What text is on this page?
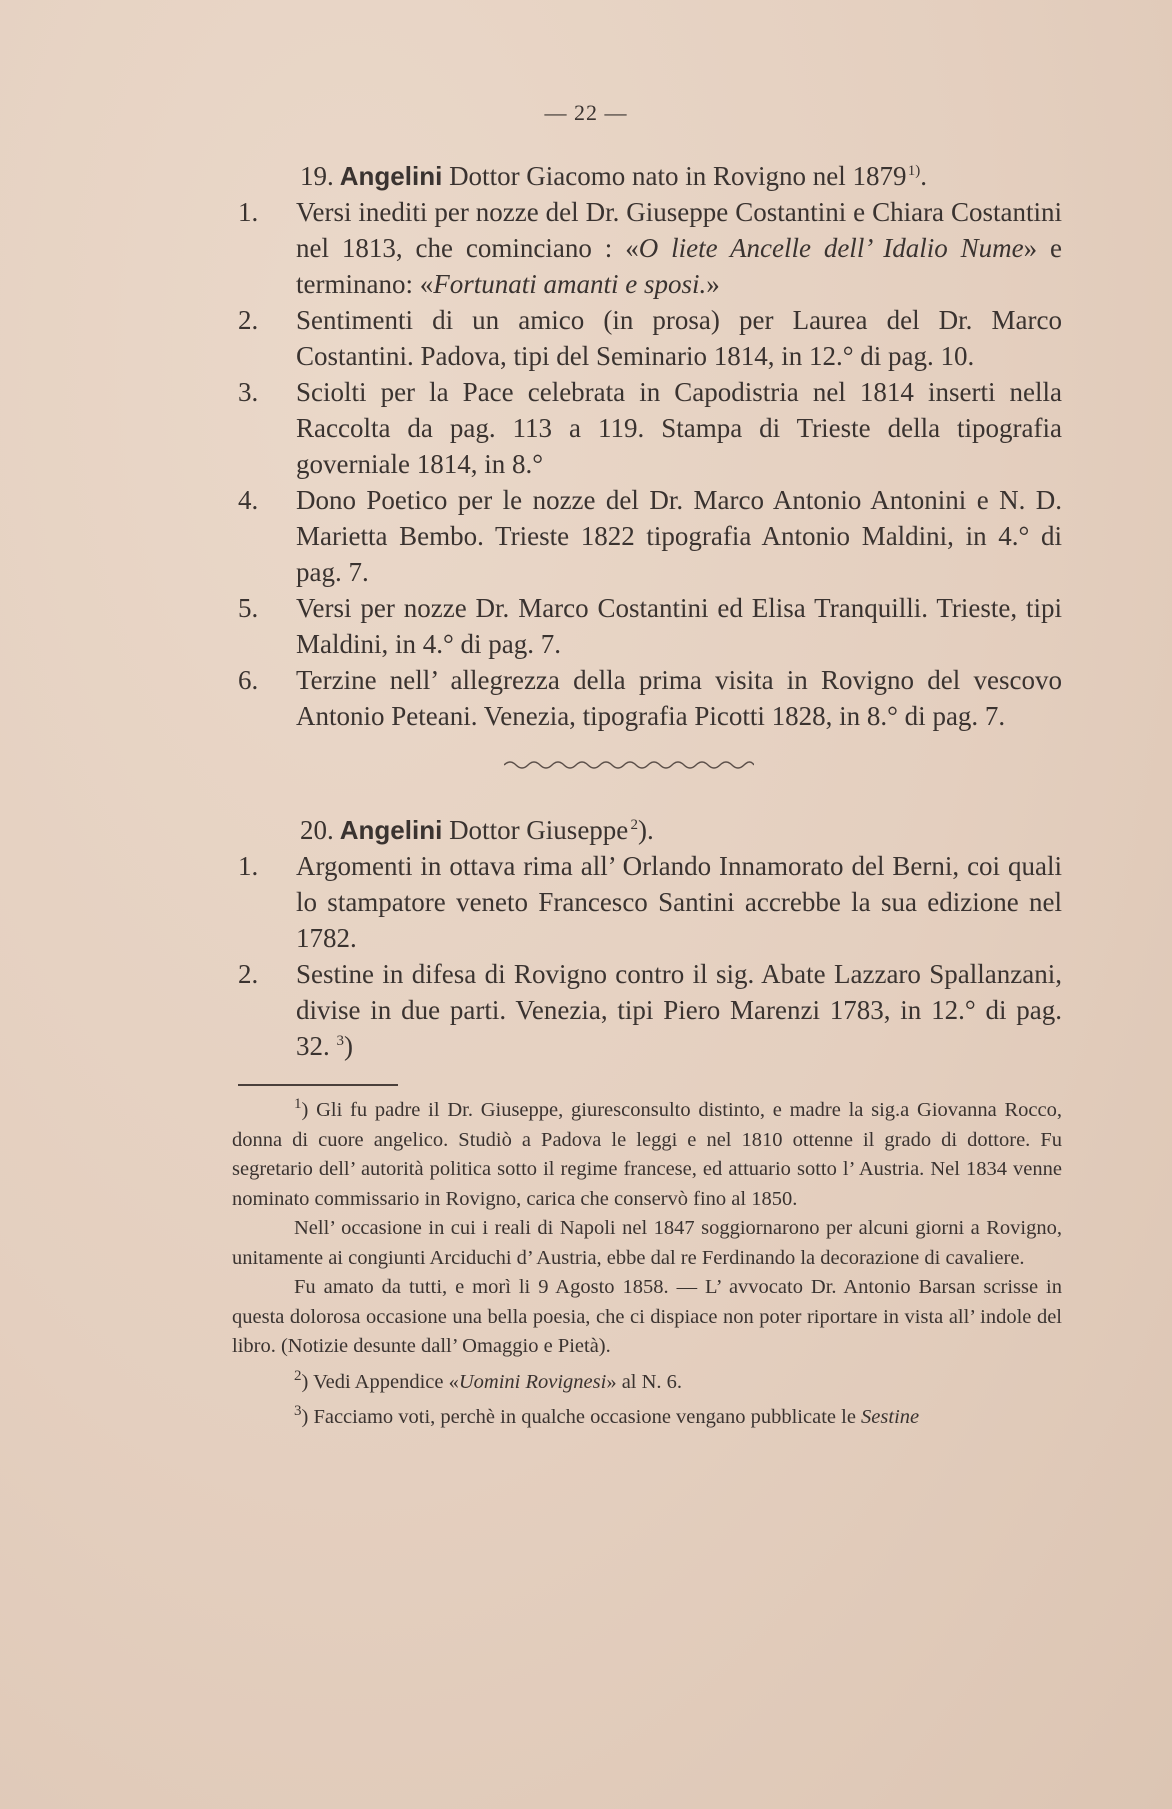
— 22 —
19. Angelini Dottor Giacomo nato in Rovigno nel 1879 $^{1)}$.
1. Versi inediti per nozze del Dr. Giuseppe Costantini e Chiara Costantini nel 1813, che cominciano : «O liete Ancelle dell’ Idalio Nume» e terminano: «Fortunati amanti e sposi.»
2. Sentimenti di un amico (in prosa) per Laurea del Dr. Marco Costantini. Padova, tipi del Seminario 1814, in 12.° di pag. 10.
3. Sciolti per la Pace celebrata in Capodistria nel 1814 inserti nella Raccolta da pag. 113 a 119. Stampa di Trieste della tipografia governiale 1814, in 8.°
4. Dono Poetico per le nozze del Dr. Marco Antonio Antonini e N. D. Marietta Bembo. Trieste 1822 tipografia Antonio Maldini, in 4.° di pag. 7.
5. Versi per nozze Dr. Marco Costantini ed Elisa Tranquilli. Trieste, tipi Maldini, in 4.° di pag. 7.
6. Terzine nell’ allegrezza della prima visita in Rovigno del vescovo Antonio Peteani. Venezia, tipografia Picotti 1828, in 8.° di pag. 7.
20. Angelini Dottor Giuseppe  $^2$).
1. Argomenti in ottava rima all’ Orlando Innamorato del Berni, coi quali lo stampatore veneto Francesco Santini accrebbe la sua edizione nel 1782.
2. Sestine in difesa di Rovigno contro il sig. Abate Lazzaro Spallanzani, divise in due parti. Venezia, tipi Piero Marenzi 1783, in 12.° di pag. 32. $^3$)

$^1$) Gli fu padre il Dr. Giuseppe, giuresconsulto distinto, e madre la sig.a Giovanna Rocco, donna di cuore angelico. Studiò a Padova le leggi e nel 1810 ottenne il grado di dottore. Fu segretario dell’ autorità politica sotto il regime francese, ed attuario sotto l’ Austria. Nel 1834 venne nominato commissario in Rovigno, carica che conservò fino al 1850.

Nell’ occasione in cui i reali di Napoli nel 1847 soggiornarono per alcuni giorni a Rovigno, unitamente ai congiunti Arciduchi d’ Austria, ebbe dal re Ferdinando la decorazione di cavaliere.

Fu amato da tutti, e morì li 9 Agosto 1858. — L’ avvocato Dr. Antonio Barsan scrisse in questa dolorosa occasione una bella poesia, che ci dispiace non poter riportare in vista all’ indole del libro. (Notizie desunte dall’ Omaggio e Pietà).

$^2$) Vedi Appendice «Uomini Rovignesi» al N. 6.

$^3$) Facciamo voti, perchè in qualche occasione vengano pubblicate le Sestine
